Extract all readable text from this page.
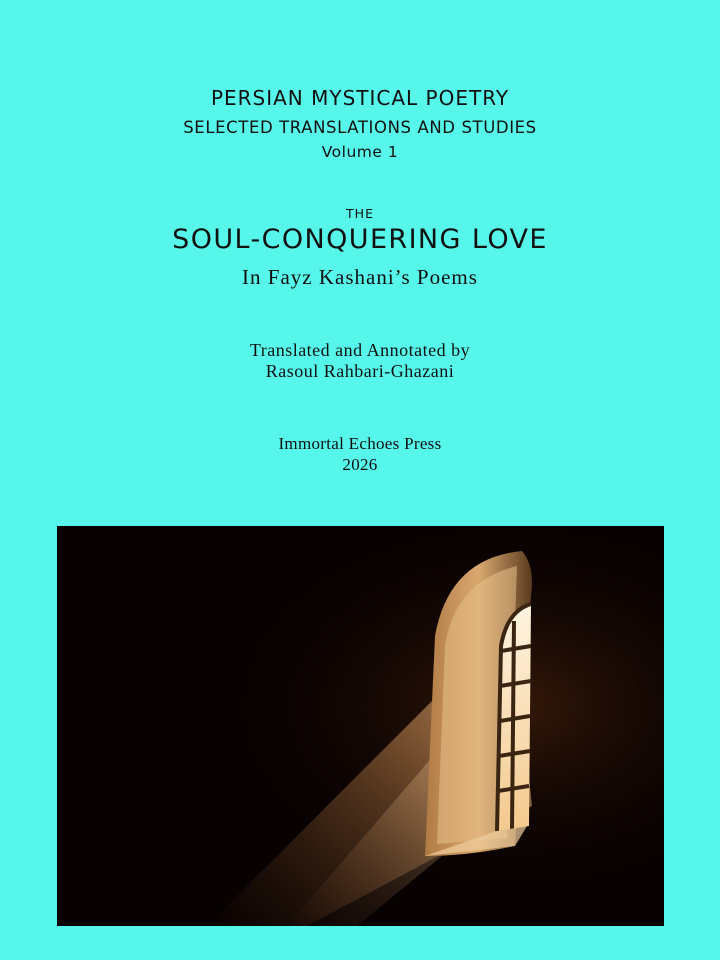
PERSIAN MYSTICAL POETRY
SELECTED TRANSLATIONS AND STUDIES
Volume 1
THE
SOUL-CONQUERING LOVE
In Fayz Kashani’s Poems
Translated and Annotated by
Rasoul Rahbari-Ghazani
Immortal Echoes Press
2026
